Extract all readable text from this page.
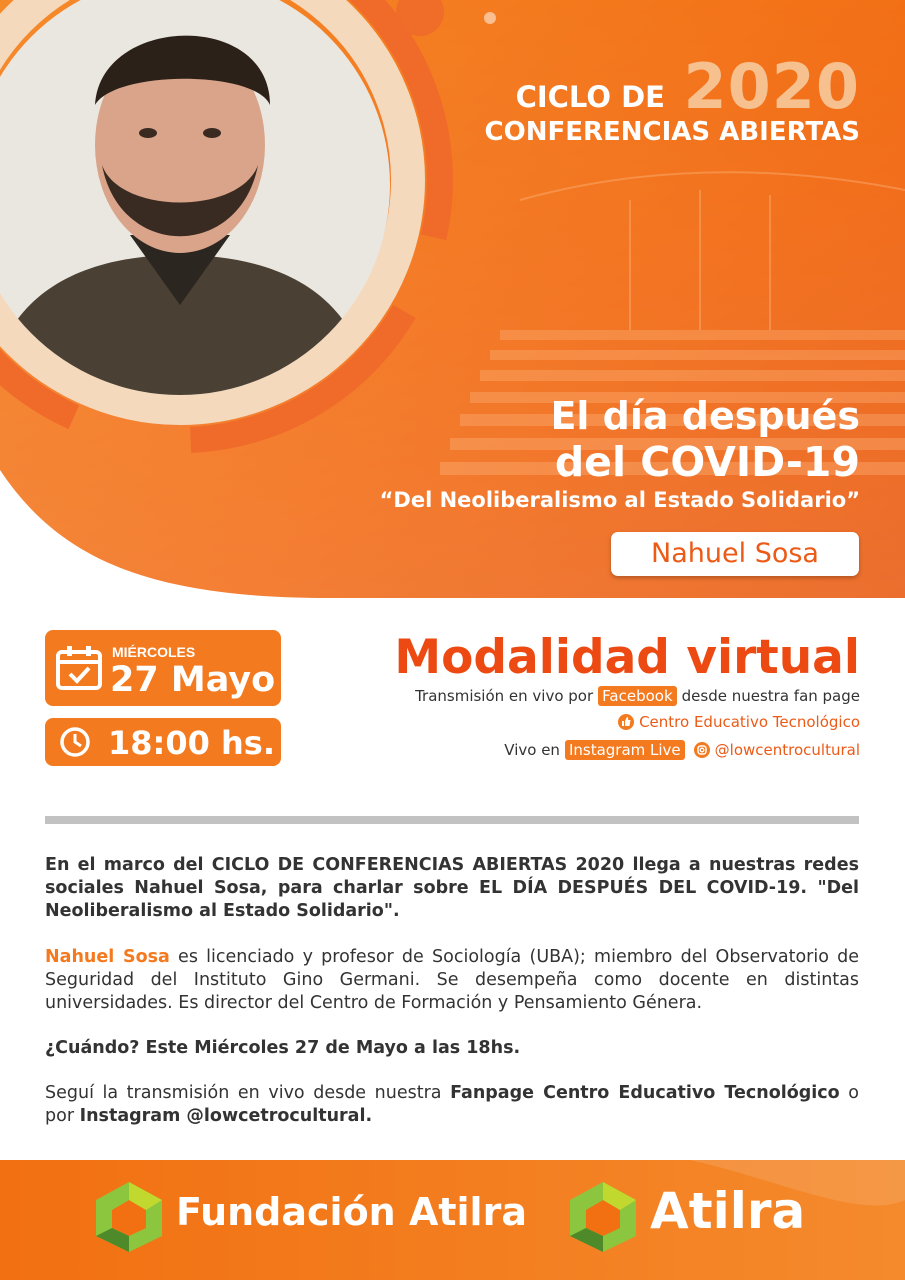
CICLO DE 2020
CONFERENCIAS ABIERTAS
El día después
del COVID-19
“Del Neoliberalismo al Estado Solidario”
Nahuel Sosa
MIÉRCOLES
27 Mayo
18:00 hs.
Modalidad virtual
Transmisión en vivo por Facebook desde nuestra fan page
Centro Educativo Tecnológico
Vivo en Instagram Live @lowcentrocultural
En el marco del CICLO DE CONFERENCIAS ABIERTAS 2020 llega a nuestras redes sociales Nahuel Sosa, para charlar sobre EL DÍA DESPUÉS DEL COVID-19. "Del Neoliberalismo al Estado Solidario".
Nahuel Sosa es licenciado y profesor de Sociología (UBA); miembro del Observatorio de Seguridad del Instituto Gino Germani. Se desempeña como docente en distintas universidades. Es director del Centro de Formación y Pensamiento Génera.
¿Cuándo? Este Miércoles 27 de Mayo a las 18hs.
Seguí la transmisión en vivo desde nuestra Fanpage Centro Educativo Tecnológico o por Instagram @lowcetrocultural.
Fundación Atilra Atilra
